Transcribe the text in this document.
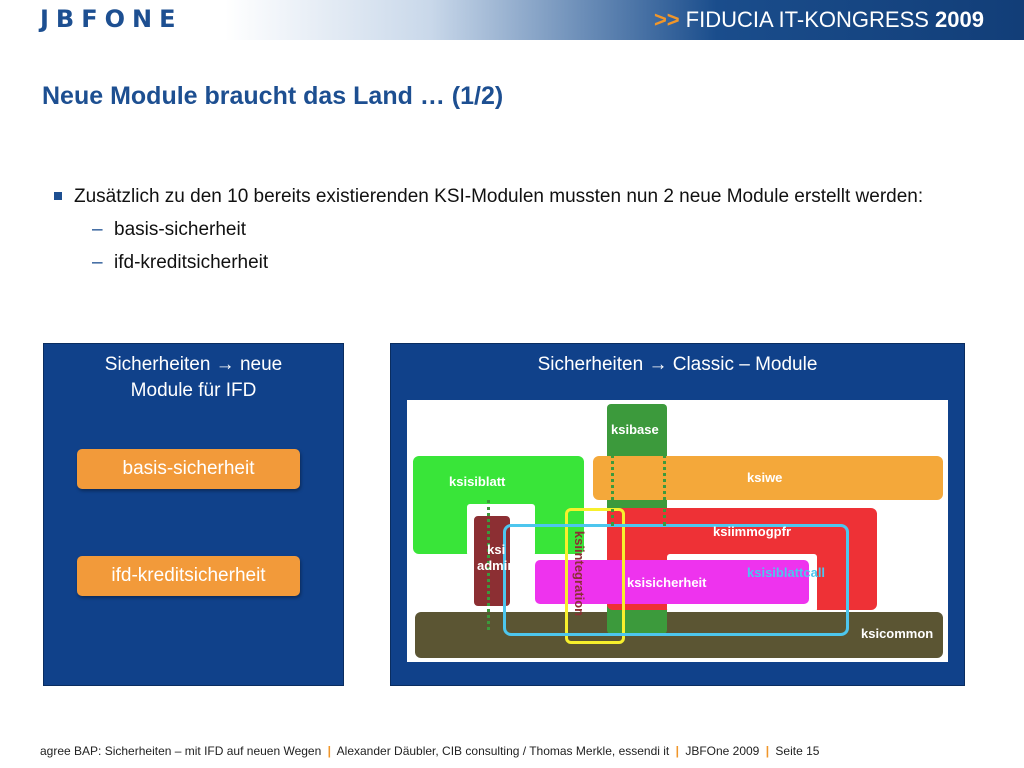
JBFONE	>> FIDUCIA IT-KONGRESS 2009
Neue Module braucht das Land … (1/2)
Zusätzlich zu den 10 bereits existierenden KSI-Modulen mussten nun 2 neue Module erstellt werden:
– basis-sicherheit
– ifd-kreditsicherheit
Sicherheiten → neue
Module für IFD
basis-sicherheit
ifd-kreditsicherheit
Sicherheiten → Classic – Module
ksibase
ksisiblatt	ksiwe
ksiimmogpfr
ksi
admin
ksisicherheit
ksisiblattcall
ksicommon
ksiintegration
agree BAP: Sicherheiten – mit IFD auf neuen Wegen | Alexander Däubler, CIB consulting / Thomas Merkle, essendi it | JBFOne 2009 | Seite 15
